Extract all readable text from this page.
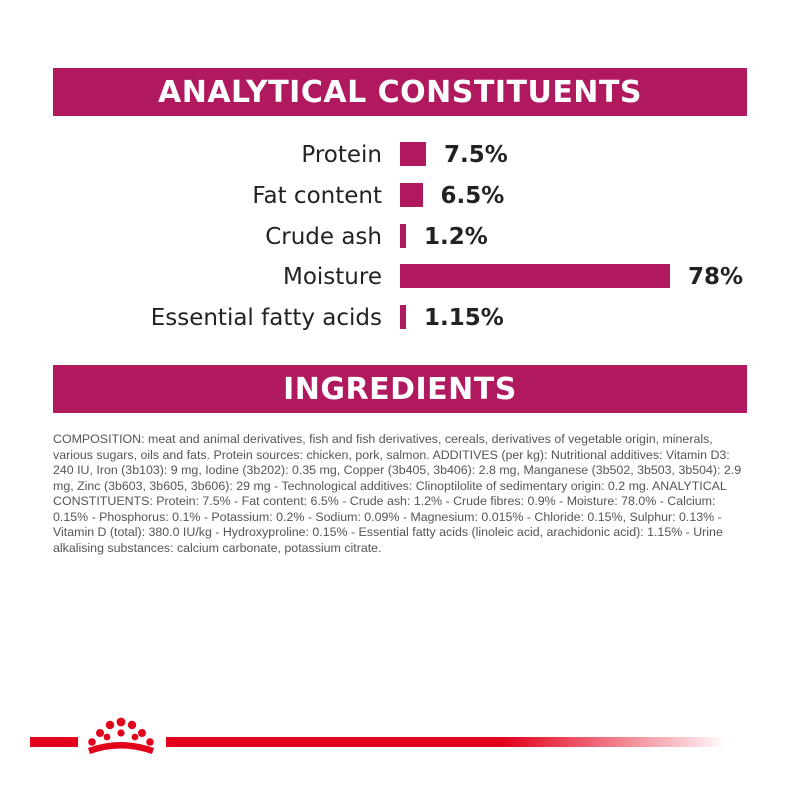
ANALYTICAL CONSTITUENTS
Protein	7.5%
Fat content	6.5%
Crude ash 1.2%
Moisture	78%
Essential fatty acids 1.15%
INGREDIENTS

COMPOSITION: meat and animal derivatives, fish and fish derivatives, cereals, derivatives of vegetable origin, minerals, various sugars, oils and fats. Protein sources: chicken, pork, salmon. ADDITIVES (per kg): Nutritional additives: Vitamin D3: 240 IU, Iron (3b103): 9 mg, Iodine (3b202): 0.35 mg, Copper (3b405, 3b406): 2.8 mg, Manganese (3b502, 3b503, 3b504): 2.9 mg, Zinc (3b603, 3b605, 3b606): 29 mg - Technological additives: Clinoptilolite of sedimentary origin: 0.2 mg. ANALYTICAL CONSTITUENTS: Protein: 7.5% - Fat content: 6.5% - Crude ash: 1.2% - Crude fibres: 0.9% - Moisture: 78.0% - Calcium: 0.15% - Phosphorus: 0.1% - Potassium: 0.2% - Sodium: 0.09% - Magnesium: 0.015% - Chloride: 0.15%, Sulphur: 0.13% - Vitamin D (total): 380.0 IU/kg - Hydroxyproline: 0.15% - Essential fatty acids (linoleic acid, arachidonic acid): 1.15% - Urine alkalising substances: calcium carbonate, potassium citrate.
